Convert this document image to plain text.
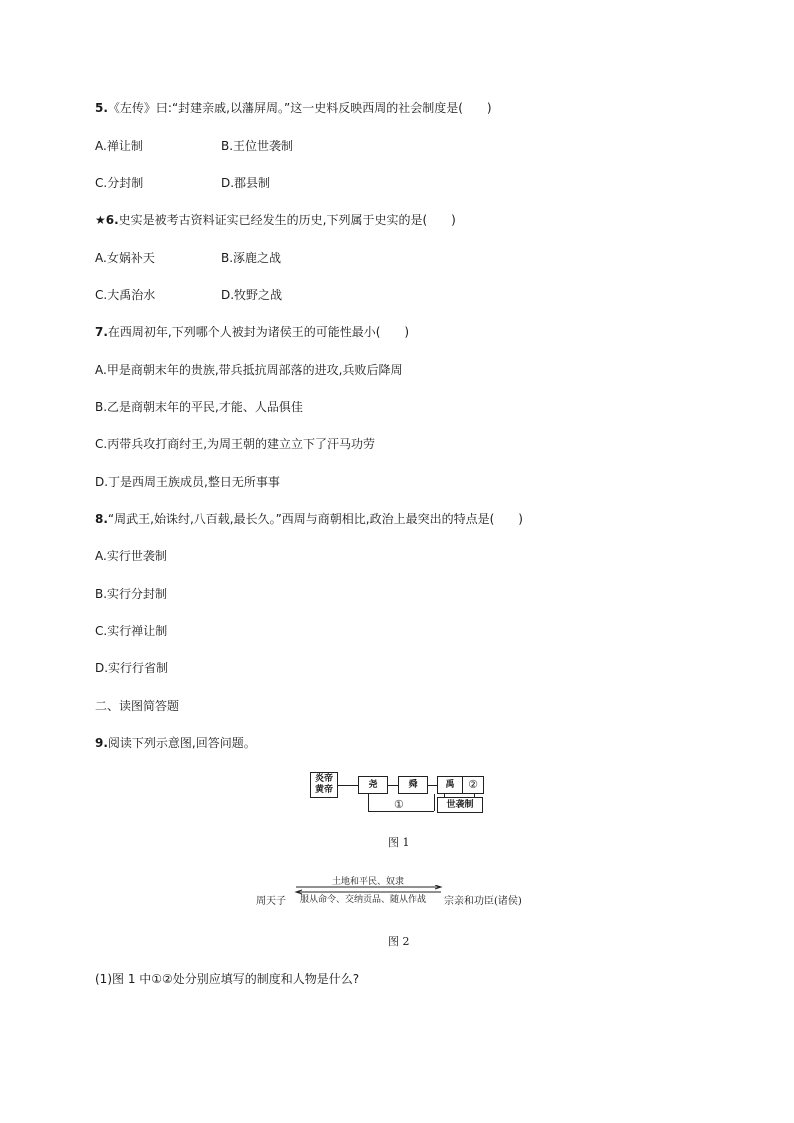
5.《左传》曰:“封建亲戚,以藩屏周。”这一史料反映西周的社会制度是(　　)
A.禅让制	B.王位世袭制
C.分封制	D.郡县制
★6.史实是被考古资料证实已经发生的历史,下列属于史实的是(　　)
A.女娲补天	B.涿鹿之战
C.大禹治水	D.牧野之战
7.在西周初年,下列哪个人被封为诸侯王的可能性最小(　　)
A.甲是商朝末年的贵族,带兵抵抗周部落的进攻,兵败后降周
B.乙是商朝末年的平民,才能、人品俱佳
C.丙带兵攻打商纣王,为周王朝的建立立下了汗马功劳
D.丁是西周王族成员,整日无所事事
8.“周武王,始诛纣,八百载,最长久。”西周与商朝相比,政治上最突出的特点是(　　)
A.实行世袭制
B.实行分封制
C.实行禅让制
D.实行行省制
二、读图简答题
9.阅读下列示意图,回答问题。
炎帝
黄帝	尧	舜	禹	②
①	世袭制
图 1
土地和平民、奴隶
周天子 服从命令、交纳贡品、随从作战 宗亲和功臣(诸侯)
图 2
(1)图 1 中①②处分别应填写的制度和人物是什么?
